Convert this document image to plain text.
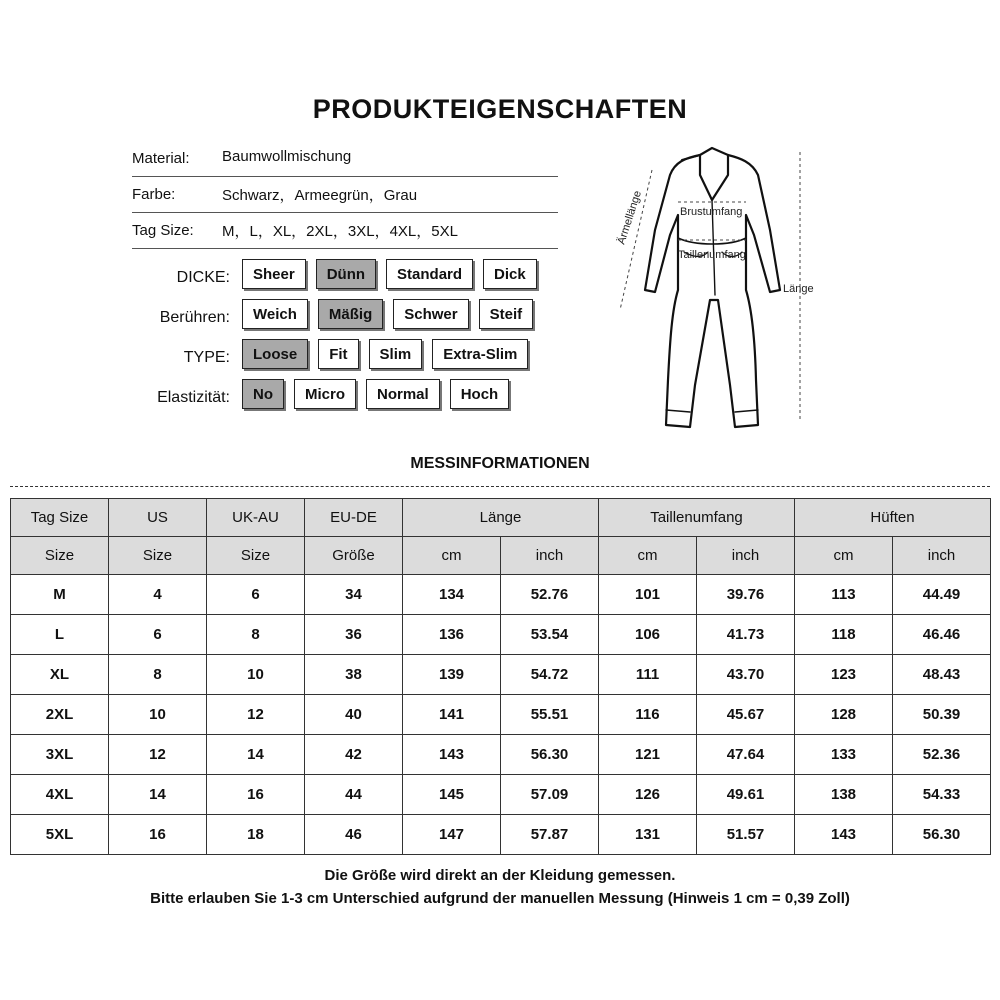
PRODUKTEIGENSCHAFTEN
Material: Baumwollmischung
Farbe:	Schwarz，Armeegrün，Grau
Tag Size: M，L，XL，2XL，3XL，4XL，5XL
DICKE:	Sheer	Dünn	Standard	Dick
Berühren:	Weich	Mäßig	Schwer	Steif
TYPE:	Loose	Fit	Slim	Extra-Slim
Elastizität:	No	Micro	Normal	Hoch
Brustumfang
Taillenumfang
Länge
Ärmellänge
MESSINFORMATIONEN
Tag Size	US	UK-AU	EU-DE	Länge		Taillenumfang		Hüften	
Size	Size	Size	Größe	cm	inch	cm	inch	cm	inch
M	4	6	34	134	52.76	101	39.76	113	44.49
L	6	8	36	136	53.54	106	41.73	118	46.46
XL	8	10	38	139	54.72	111	43.70	123	48.43
2XL	10	12	40	141	55.51	116	45.67	128	50.39
3XL	12	14	42	143	56.30	121	47.64	133	52.36
4XL	14	16	44	145	57.09	126	49.61	138	54.33
5XL	16	18	46	147	57.87	131	51.57	143	56.30
Die Größe wird direkt an der Kleidung gemessen.
Bitte erlauben Sie 1-3 cm Unterschied aufgrund der manuellen Messung (Hinweis 1 cm = 0,39 Zoll)
